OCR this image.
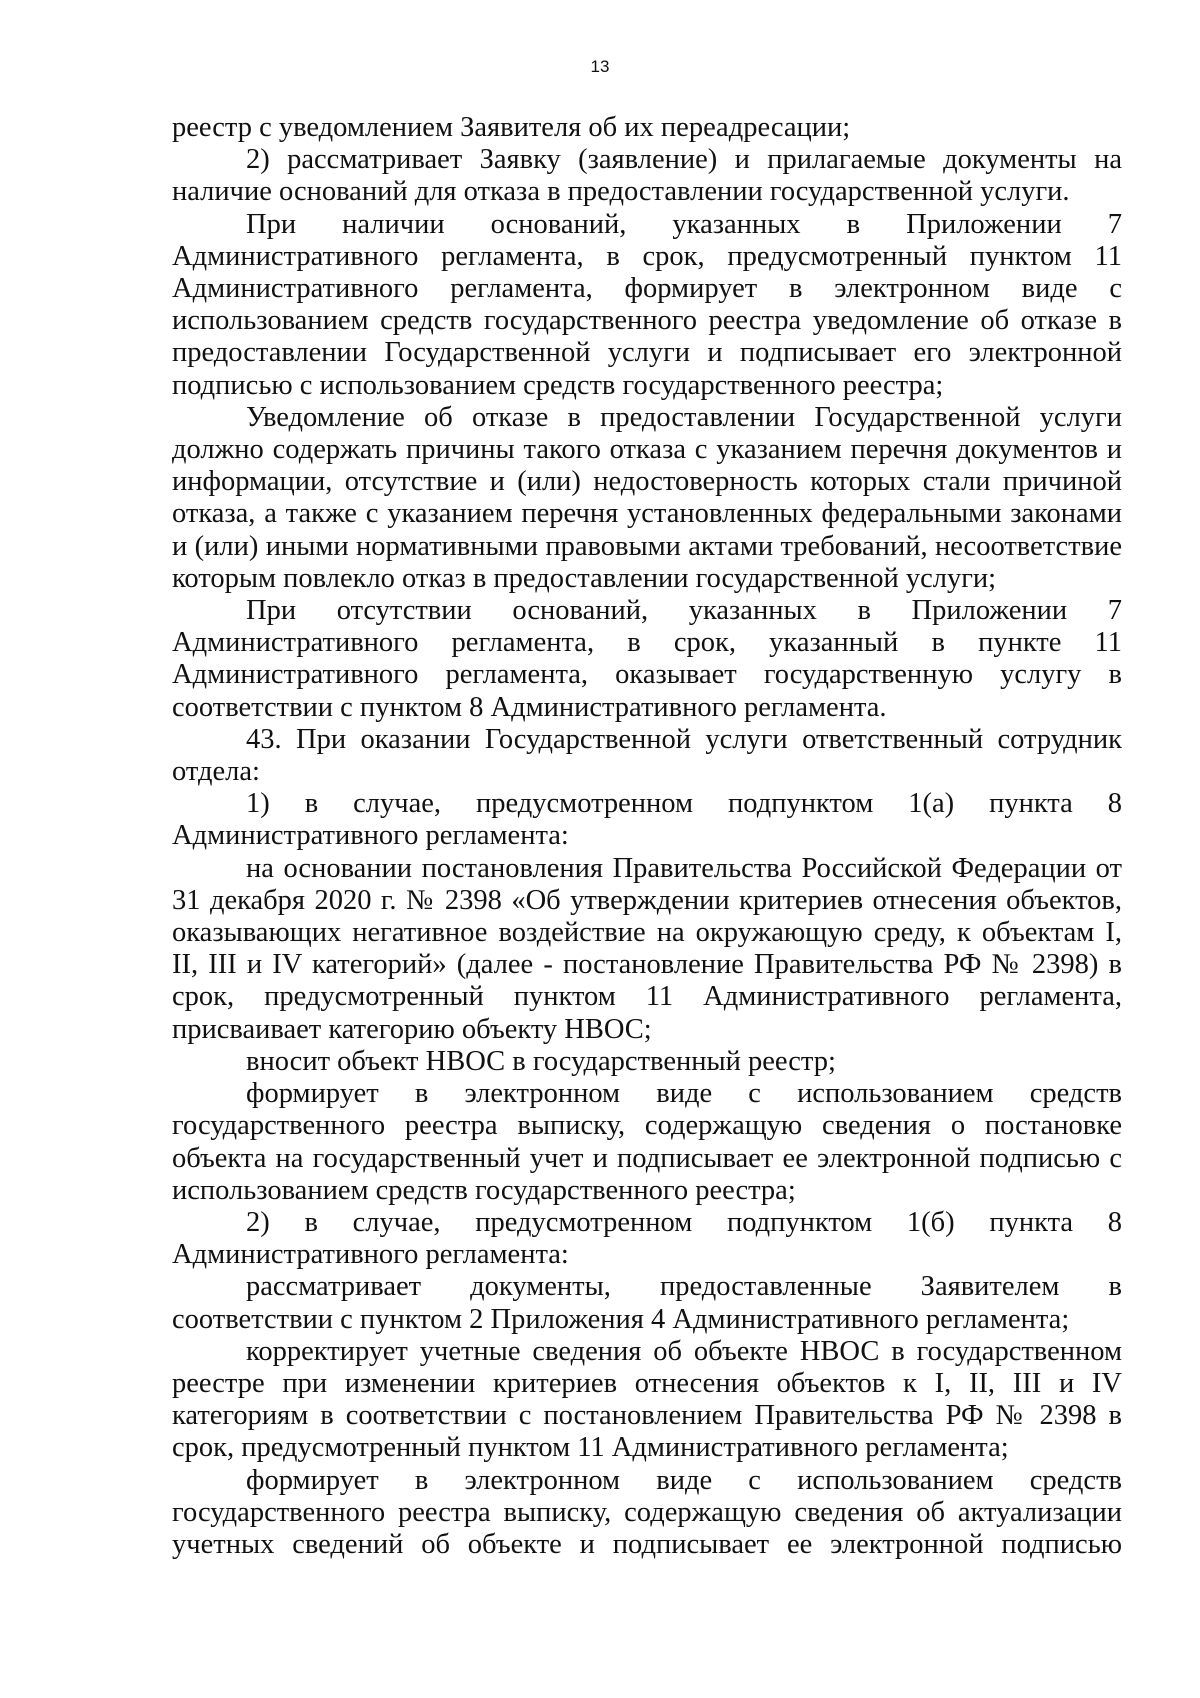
13

реестр с уведомлением Заявителя об их переадресации;

2) рассматривает Заявку (заявление) и прилагаемые документы на наличие оснований для отказа в предоставлении государственной услуги.

При наличии оснований, указанных в Приложении 7 Административного регламента, в срок, предусмотренный пунктом 11 Административного регламента, формирует в электронном виде с использованием средств государственного реестра уведомление об отказе в предоставлении Государственной услуги и подписывает его электронной подписью с использованием средств государственного реестра;

Уведомление об отказе в предоставлении Государственной услуги должно содержать причины такого отказа с указанием перечня документов и информации, отсутствие и (или) недостоверность которых стали причиной отказа, а также с указанием перечня установленных федеральными законами и (или) иными нормативными правовыми актами требований, несоответствие которым повлекло отказ в предоставлении государственной услуги;

При отсутствии оснований, указанных в Приложении 7 Административного регламента, в срок, указанный в пункте 11 Административного регламента, оказывает государственную услугу в соответствии с пунктом 8 Административного регламента.

43. При оказании Государственной услуги ответственный сотрудник отдела:

1) в случае, предусмотренном подпунктом 1(а) пункта 8 Административного регламента:

на основании постановления Правительства Российской Федерации от 31 декабря 2020 г. № 2398 «Об утверждении критериев отнесения объектов, оказывающих негативное воздействие на окружающую среду, к объектам I, II, III и IV категорий» (далее - постановление Правительства РФ № 2398) в срок, предусмотренный пунктом 11 Административного регламента, присваивает категорию объекту НВОС;

вносит объект НВОС в государственный реестр;

формирует в электронном виде с использованием средств государственного реестра выписку, содержащую сведения о постановке объекта на государственный учет и подписывает ее электронной подписью с использованием средств государственного реестра;

2) в случае, предусмотренном подпунктом 1(б) пункта 8 Административного регламента:

рассматривает документы, предоставленные Заявителем в соответствии с пунктом 2 Приложения 4 Административного регламента;

корректирует учетные сведения об объекте НВОС в государственном реестре при изменении критериев отнесения объектов к I, II, III и IV категориям в соответствии с постановлением Правительства РФ № 2398 в срок, предусмотренный пунктом 11 Административного регламента;

формирует в электронном виде с использованием средств государственного реестра выписку, содержащую сведения об актуализации учетных сведений об объекте и подписывает ее электронной подписью
